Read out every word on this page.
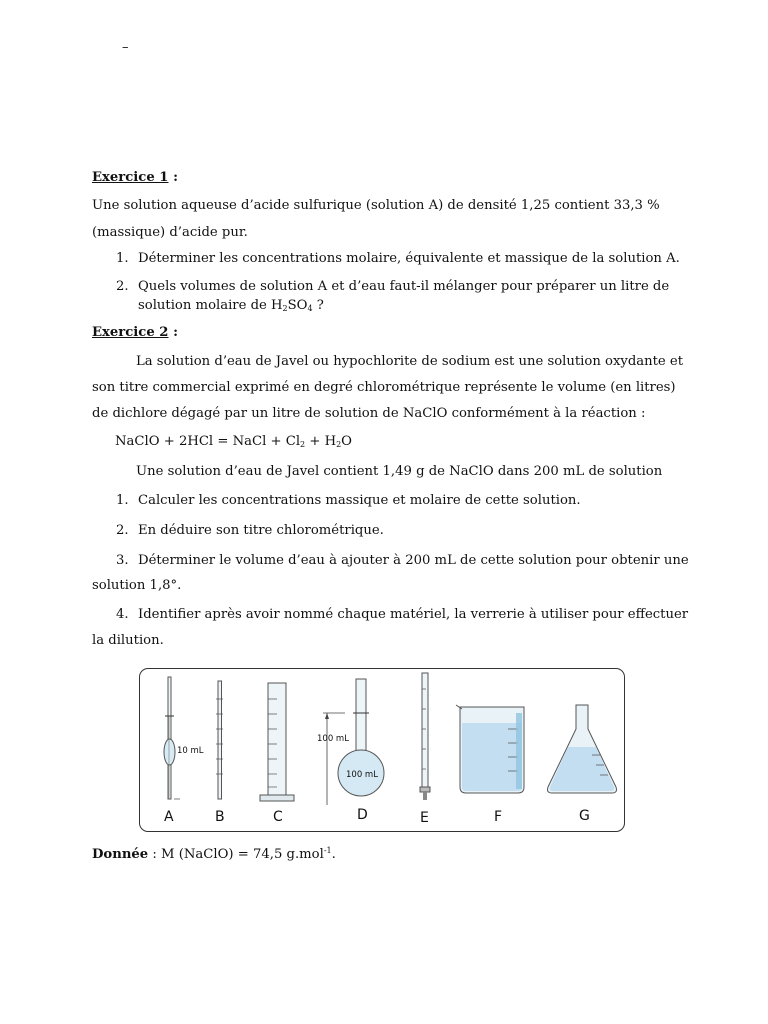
–
Exercice 1 :
Une solution aqueuse d’acide sulfurique (solution A) de densité 1,25 contient 33,3 %
(massique) d’acide pur.
1. Déterminer les concentrations molaire, équivalente et massique de la solution A.
2. Quels volumes de solution A et d’eau faut-il mélanger pour préparer un litre de
solution molaire de $H_2SO_4$ ?
Exercice 2 :
La solution d’eau de Javel ou hypochlorite de sodium est une solution oxydante et
son titre commercial exprimé en degré chlorométrique représente le volume (en litres)
de dichlore dégagé par un litre de solution de NaClO conformément à la réaction :
NaClO + 2HCl = NaCl + $Cl_2 + H_2O$
Une solution d’eau de Javel contient 1,49 g de NaClO dans 200 mL de solution
1. Calculer les concentrations massique et molaire de cette solution.
2. En déduire son titre chlorométrique.
3. Déterminer le volume d’eau à ajouter à 200 mL de cette solution pour obtenir une
solution 1,8°.
4. Identifier après avoir nommé chaque matériel, la verrerie à utiliser pour effectuer
la dilution.
10 mL
100 mL
100 mL
A	B	C	D	E	F	G
Donnée : M (NaClO) = 74,5 g.mol$^{-1}$.
